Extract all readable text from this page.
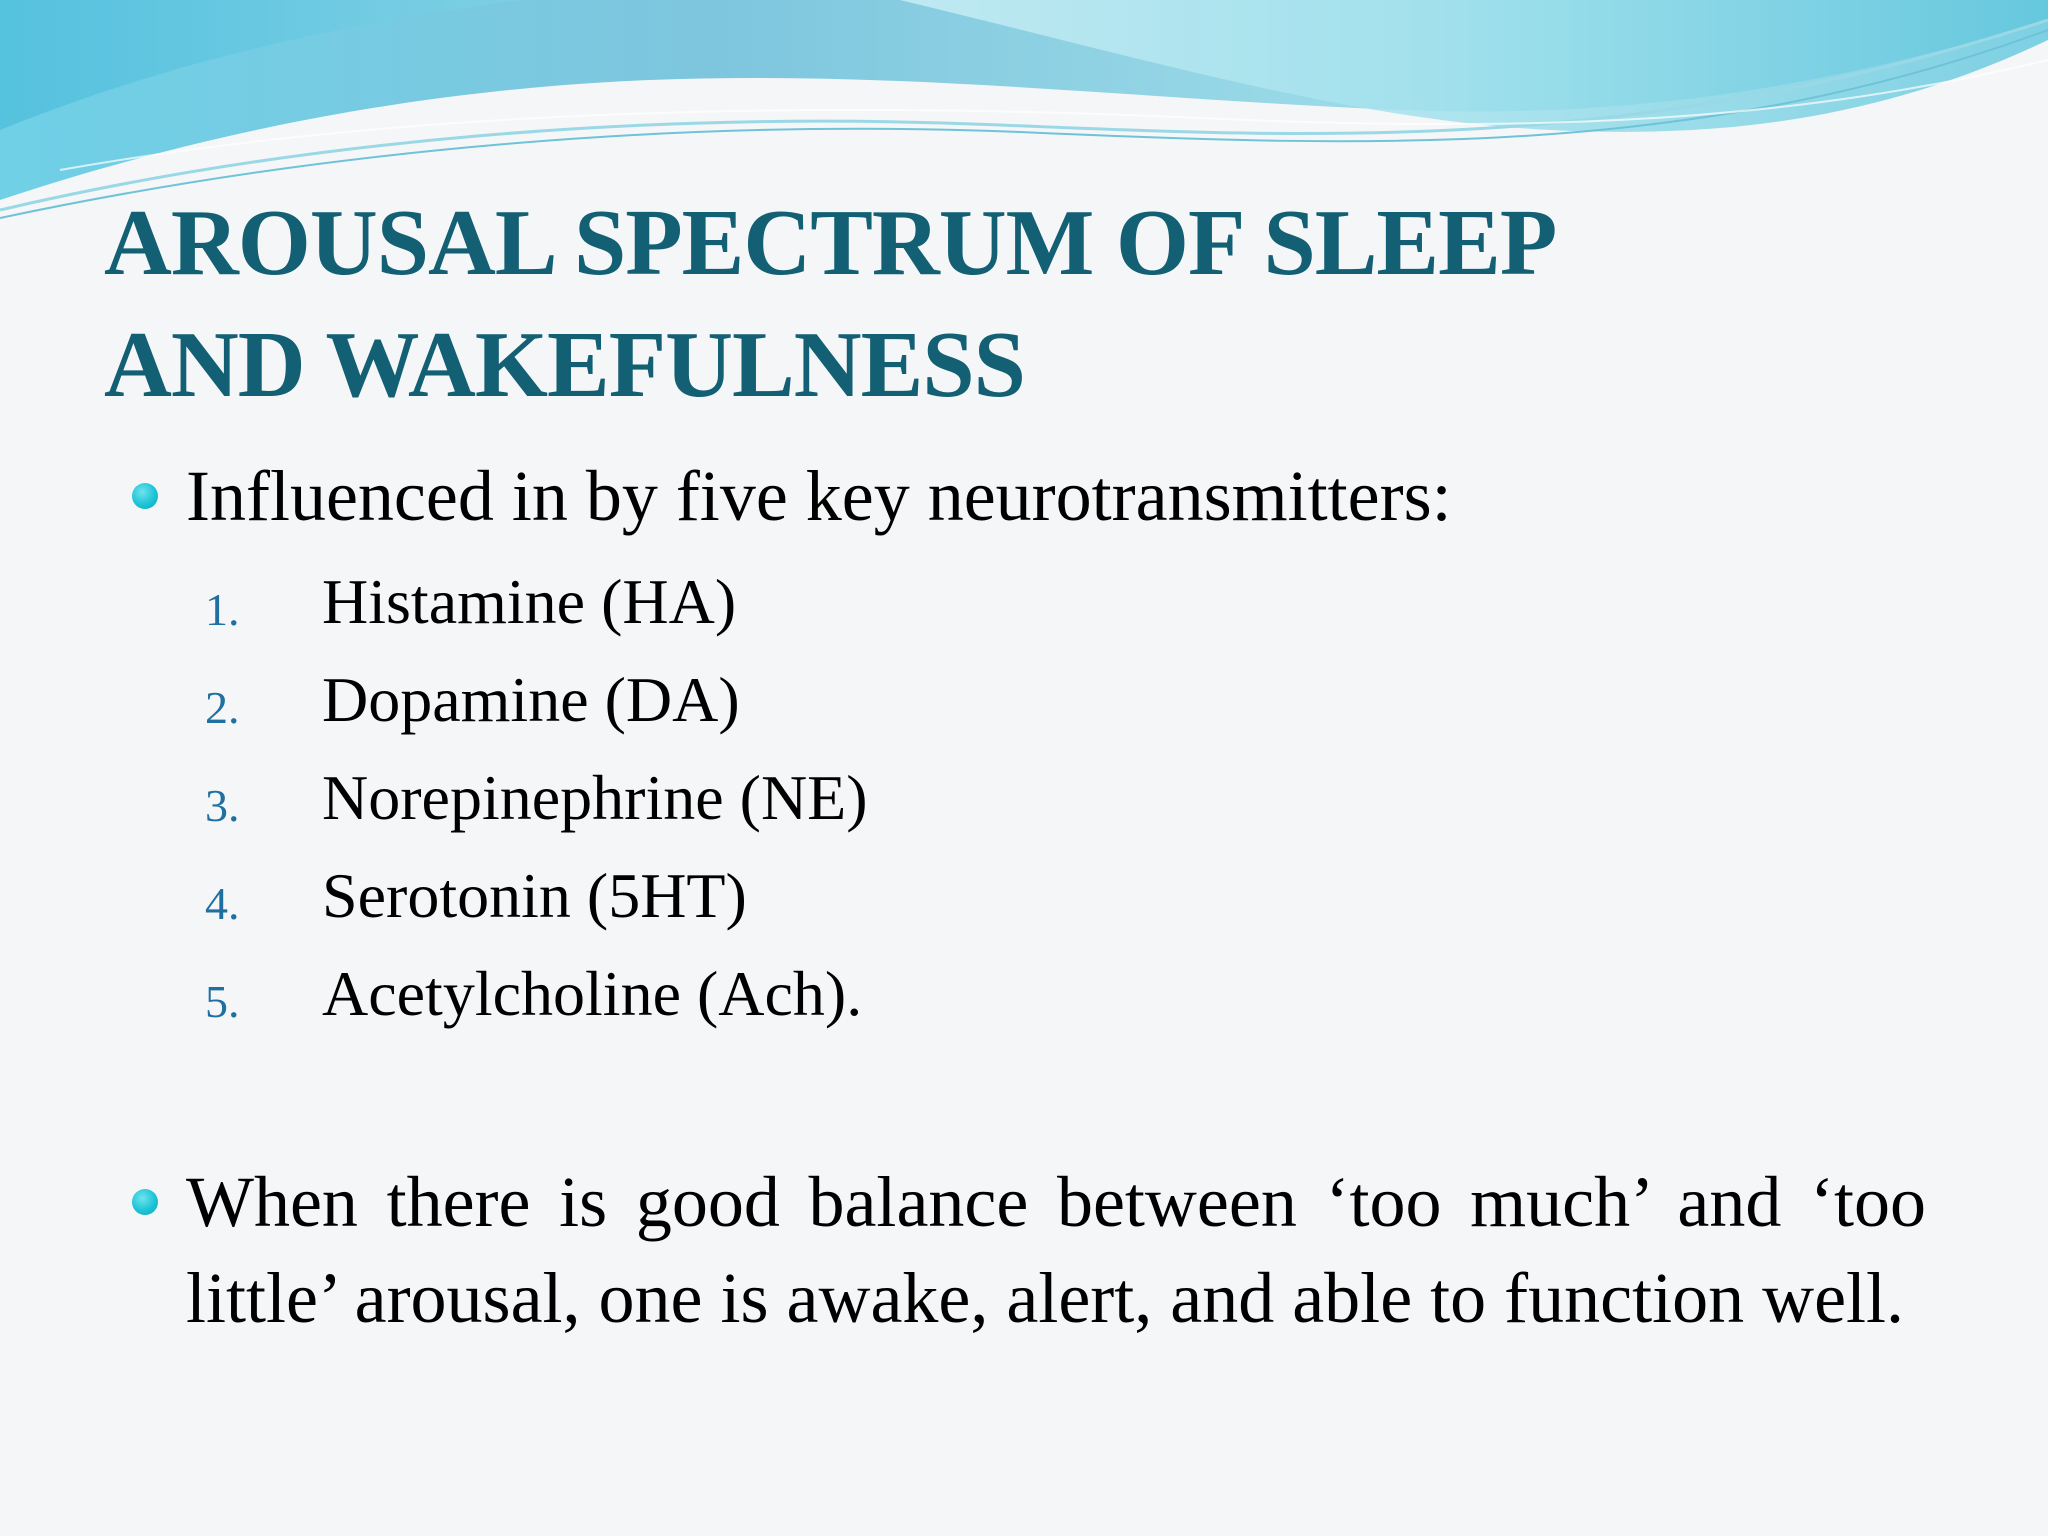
AROUSAL SPECTRUM OF SLEEP
AND WAKEFULNESS
Influenced in by five key neurotransmitters:
1. Histamine (HA)
2. Dopamine (DA)
3. Norepinephrine (NE)
4. Serotonin (5HT)
5. Acetylcholine (Ach).
When there is good balance between ‘too much’ and ‘too little’ arousal, one is awake, alert, and able to function well.
